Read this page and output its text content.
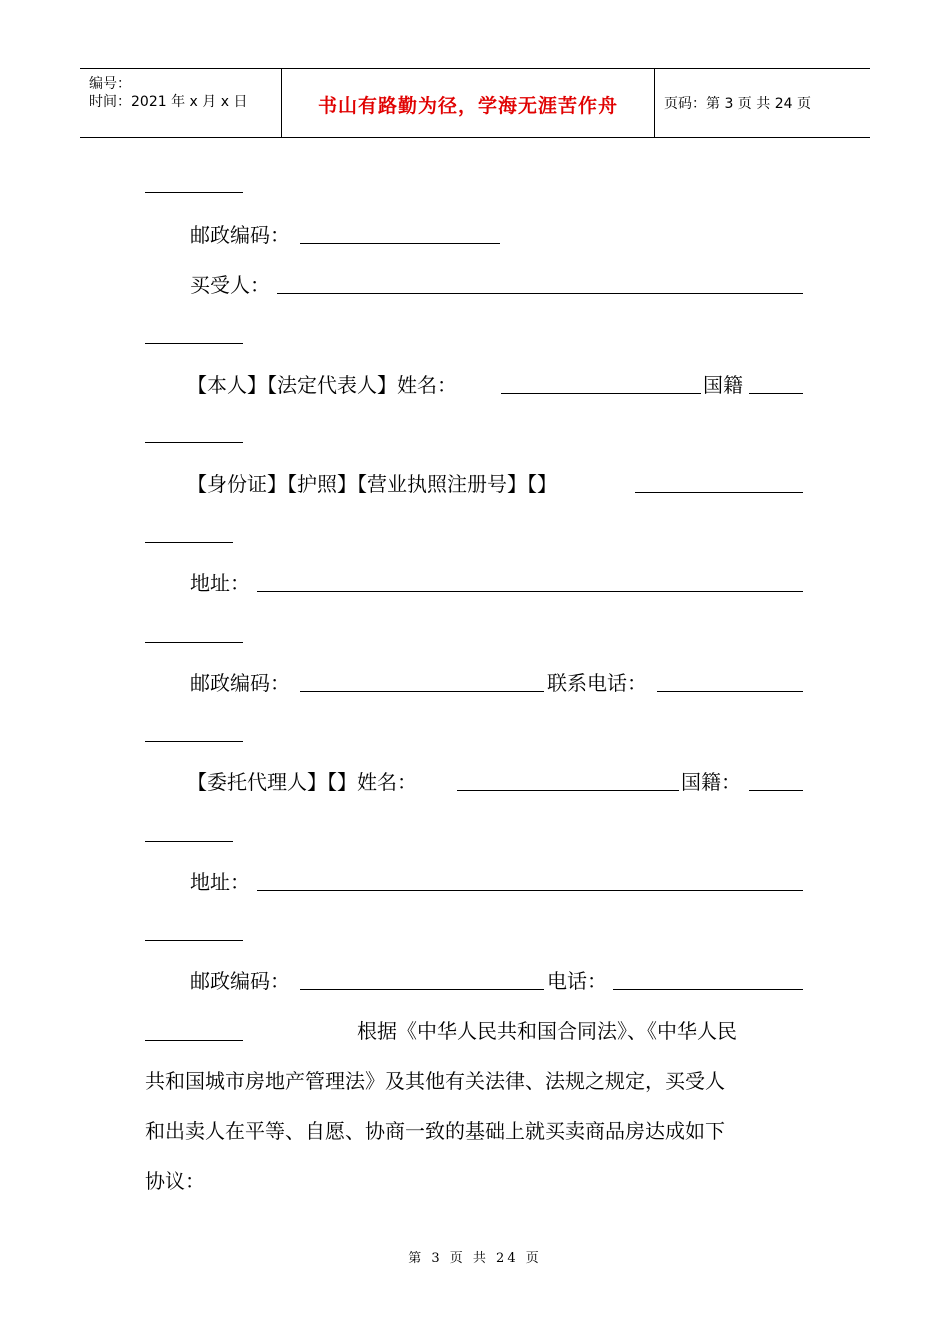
编号：
时间：2021 年 x 月 x 日	书山有路勤为径，学海无涯苦作舟	页码：第 3 页 共 24 页
邮政编码：
买受人：
【本人】【法定代表人】姓名：	国籍
【身份证】【护照】【营业执照注册号】【】
地址：
邮政编码：	联系电话：
【委托代理人】【】姓名：	国籍：
地址：
邮政编码：	电话：
根据《中华人民共和国合同法》、《中华人民
共和国城市房地产管理法》及其他有关法律、法规之规定，买受人
和出卖人在平等、自愿、协商一致的基础上就买卖商品房达成如下
协议：
第 3 页 共 24 页
